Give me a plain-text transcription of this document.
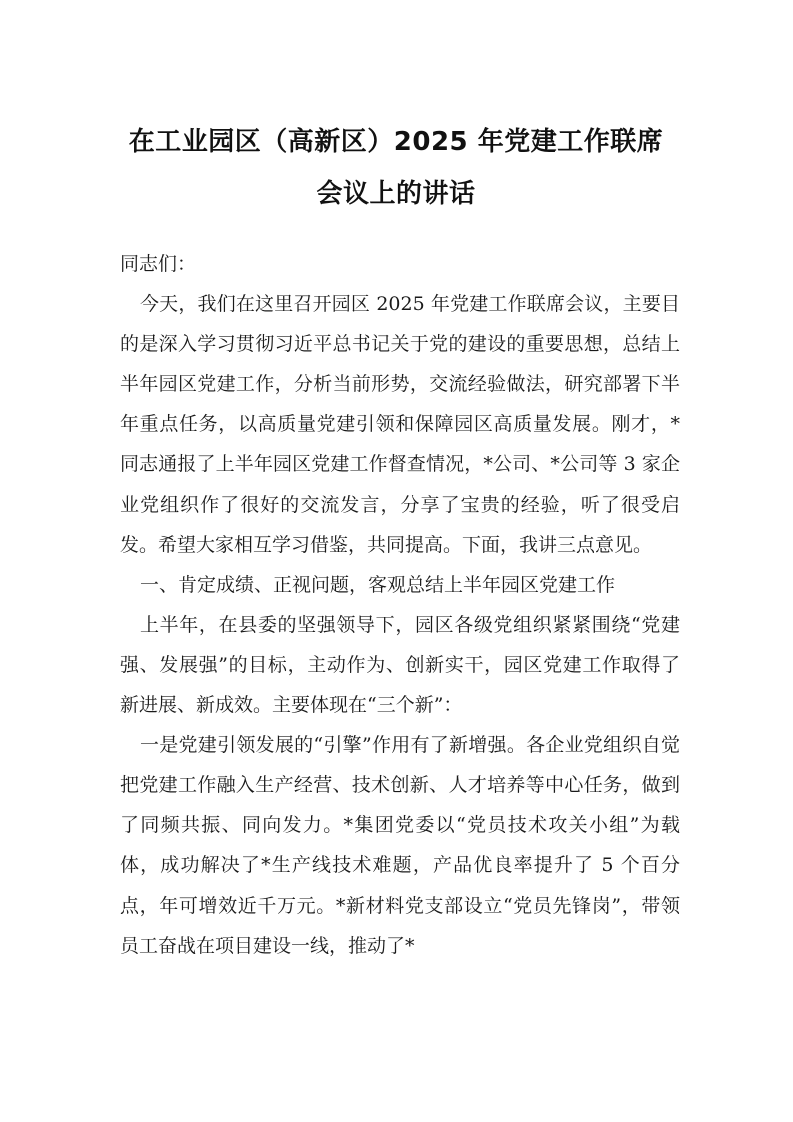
在工业园区（高新区）2025 年党建工作联席
会议上的讲话

同志们：

今天，我们在这里召开园区 2025 年党建工作联席会议，主要目的是深入学习贯彻习近平总书记关于党的建设的重要思想，总结上半年园区党建工作，分析当前形势，交流经验做法，研究部署下半年重点任务，以高质量党建引领和保障园区高质量发展。刚才，*同志通报了上半年园区党建工作督查情况，*公司、*公司等 3 家企业党组织作了很好的交流发言，分享了宝贵的经验，听了很受启发。希望大家相互学习借鉴，共同提高。下面，我讲三点意见。

一、肯定成绩、正视问题，客观总结上半年园区党建工作

上半年，在县委的坚强领导下，园区各级党组织紧紧围绕“党建强、发展强”的目标，主动作为、创新实干，园区党建工作取得了新进展、新成效。主要体现在“三个新”：

一是党建引领发展的“引擎”作用有了新增强。各企业党组织自觉把党建工作融入生产经营、技术创新、人才培养等中心任务，做到了同频共振、同向发力。*集团党委以“党员技术攻关小组”为载体，成功解决了*生产线技术难题，产品优良率提升了 5 个百分点，年可增效近千万元。*新材料党支部设立“党员先锋岗”，带领员工奋战在项目建设一线，推动了*
